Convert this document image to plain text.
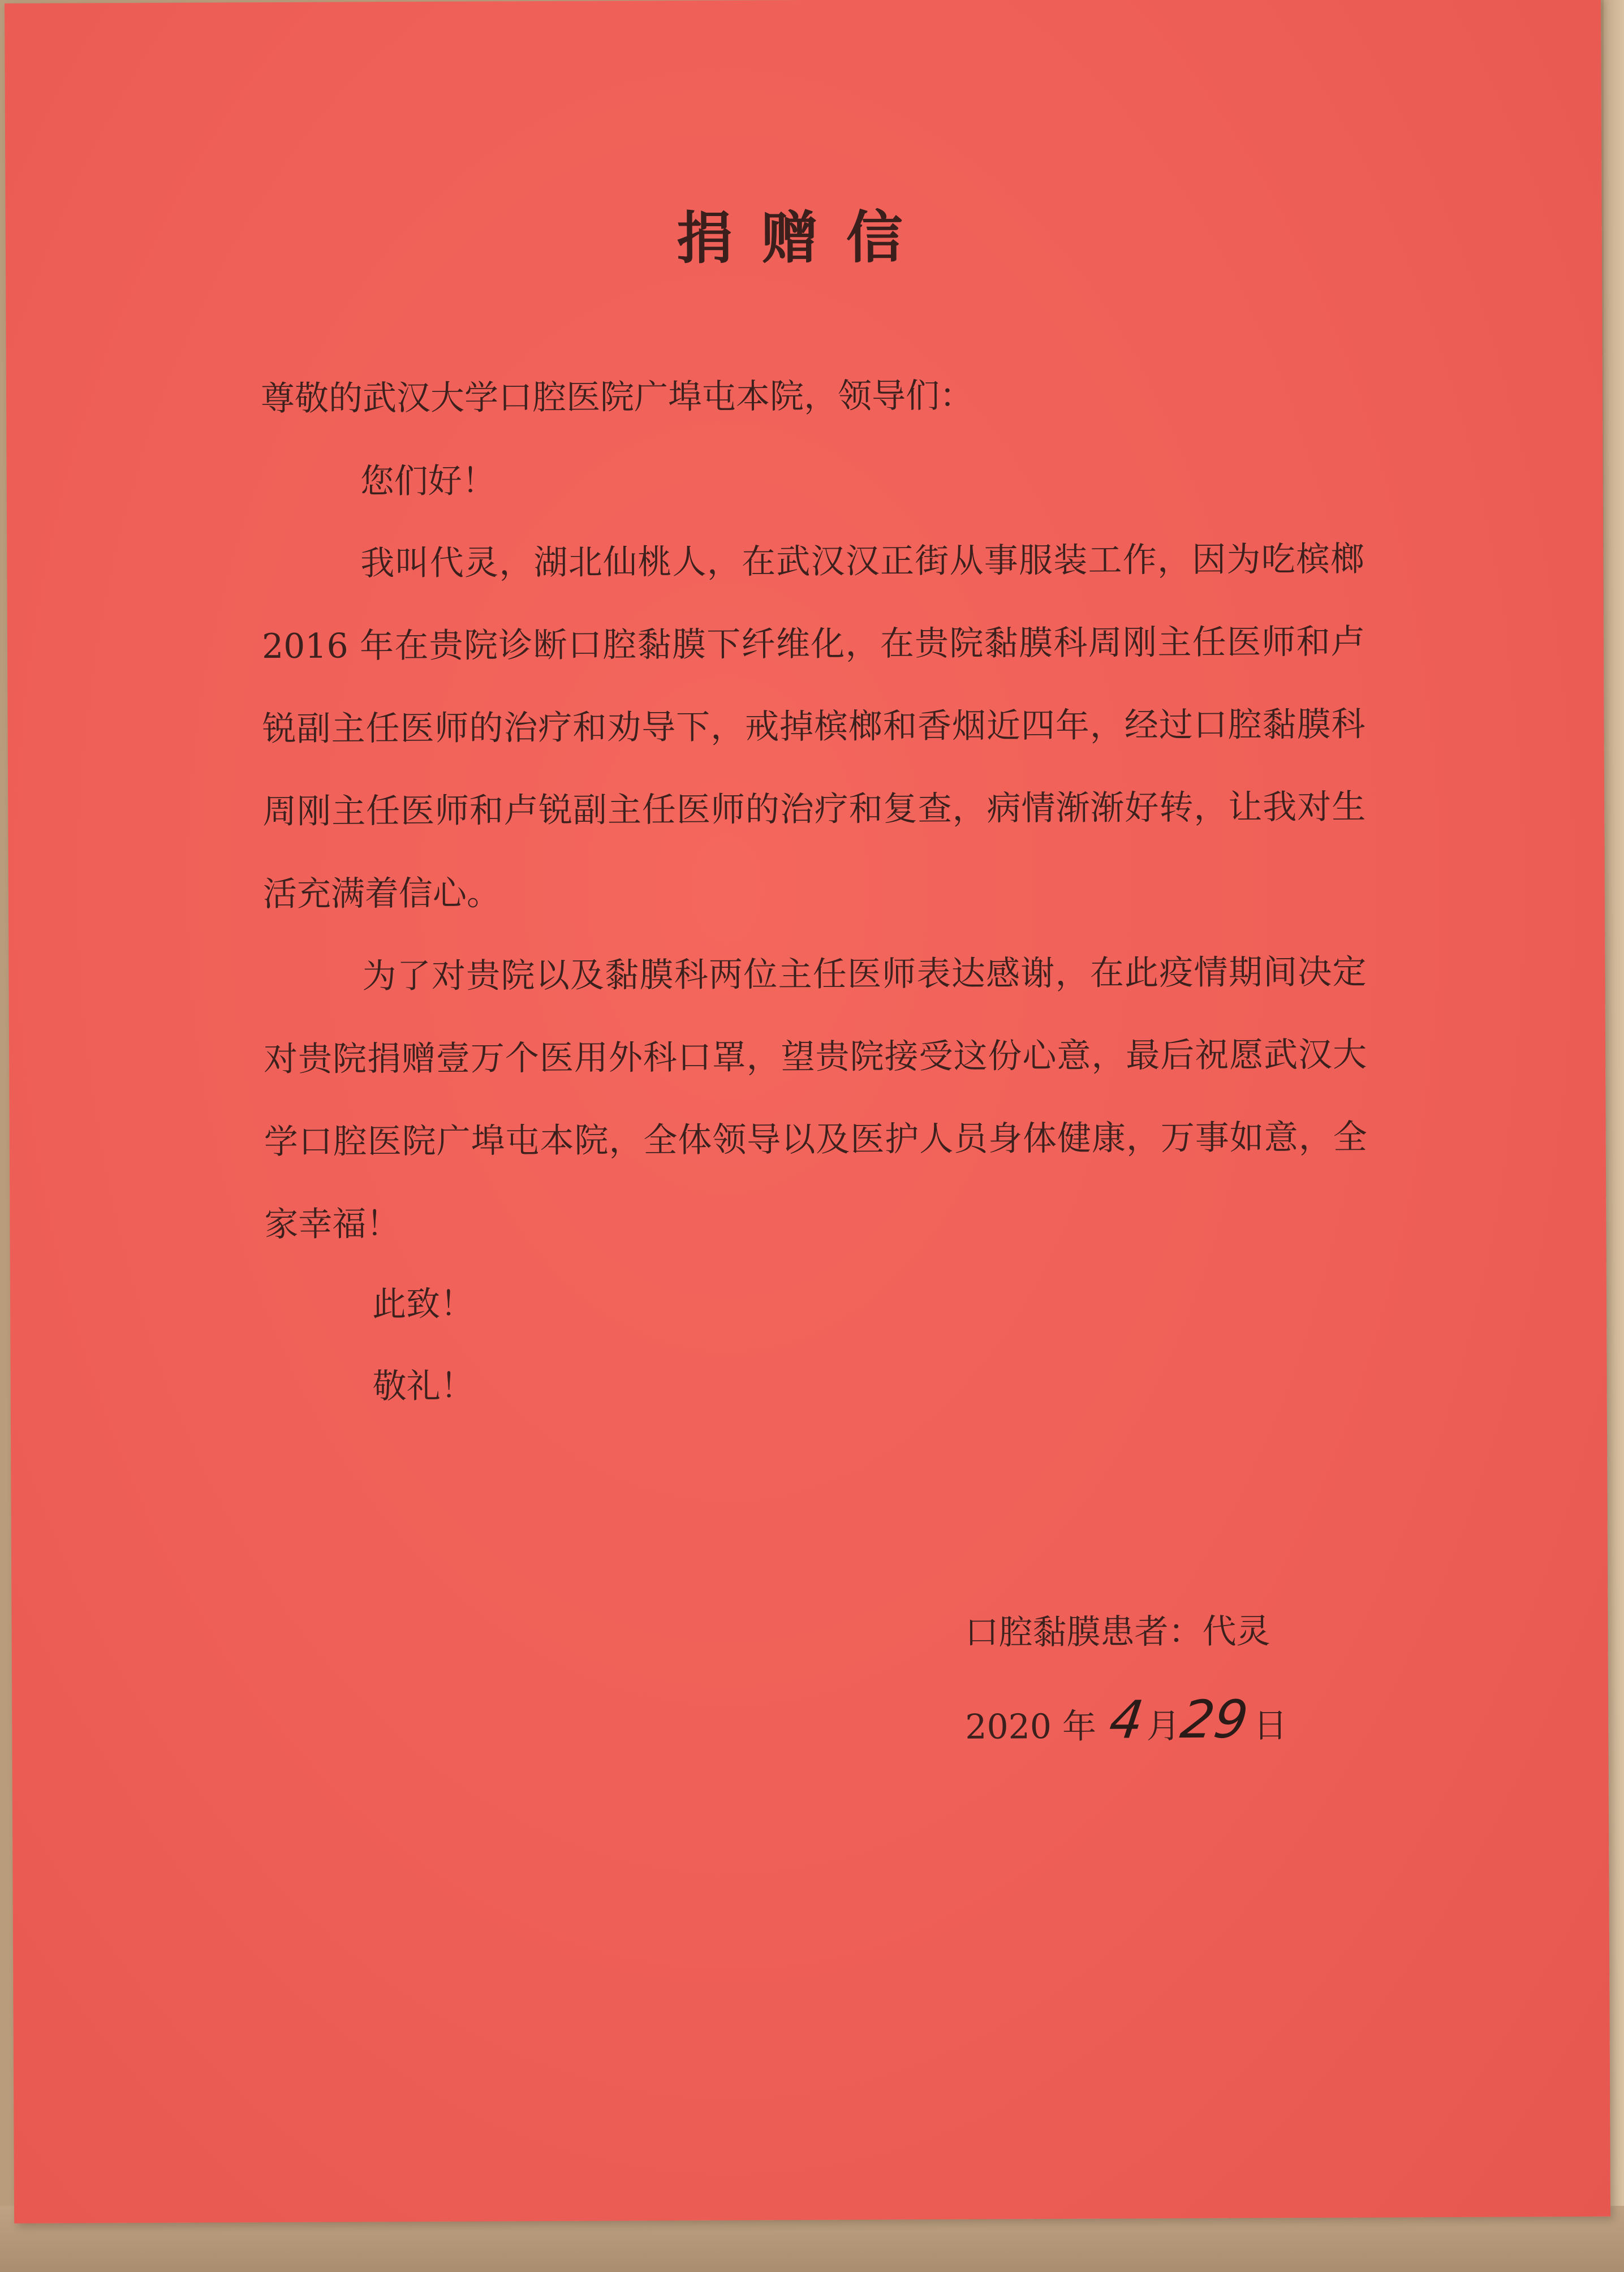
捐赠信

尊敬的武汉大学口腔医院广埠屯本院，领导们：

您们好！

我叫代灵，湖北仙桃人，在武汉汉正街从事服装工作，因为吃槟榔 2016 年在贵院诊断口腔黏膜下纤维化，在贵院黏膜科周刚主任医师和卢锐副主任医师的治疗和劝导下，戒掉槟榔和香烟近四年，经过口腔黏膜科周刚主任医师和卢锐副主任医师的治疗和复查，病情渐渐好转，让我对生活充满着信心。

为了对贵院以及黏膜科两位主任医师表达感谢，在此疫情期间决定对贵院捐赠壹万个医用外科口罩，望贵院接受这份心意，最后祝愿武汉大学口腔医院广埠屯本院，全体领导以及医护人员身体健康，万事如意，全家幸福！

此致！

敬礼！

口腔黏膜患者：代灵

2020 年 4月29日
